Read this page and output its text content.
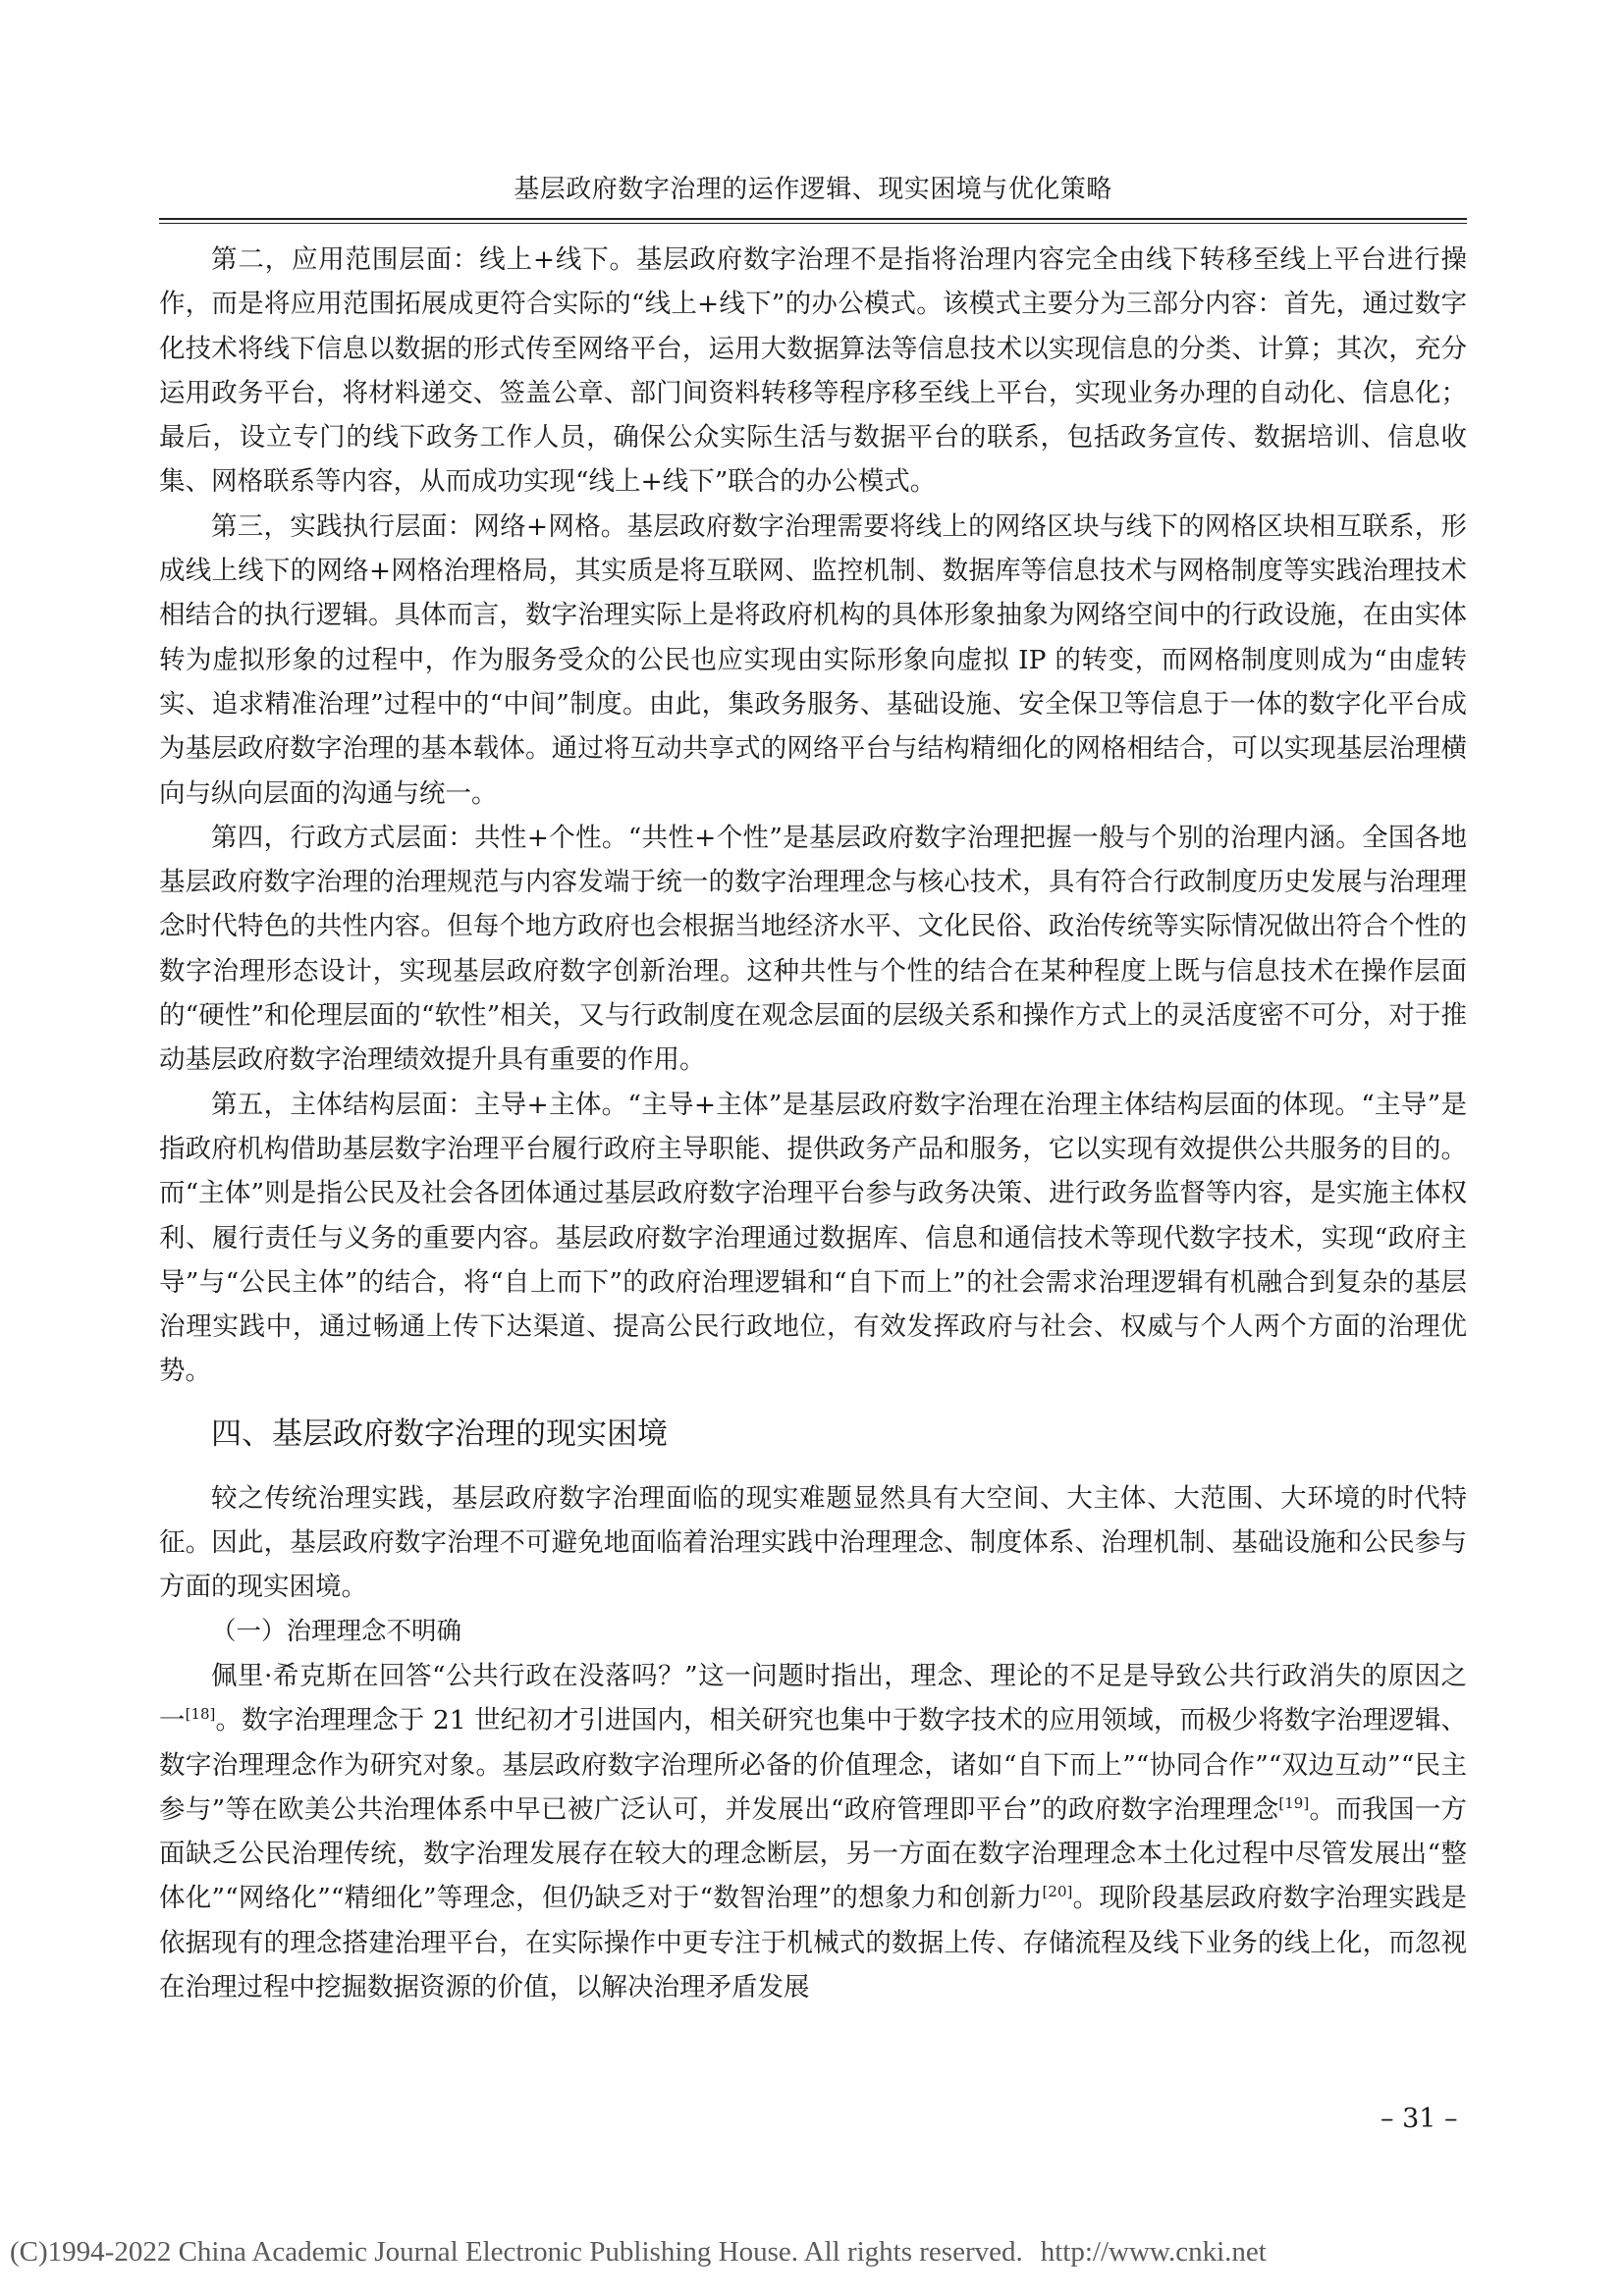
基层政府数字治理的运作逻辑、现实困境与优化策略

第二，应用范围层面：线上+线下。基层政府数字治理不是指将治理内容完全由线下转移至线上平台进行操作，而是将应用范围拓展成更符合实际的“线上+线下”的办公模式。该模式主要分为三部分内容：首先，通过数字化技术将线下信息以数据的形式传至网络平台，运用大数据算法等信息技术以实现信息的分类、计算；其次，充分运用政务平台，将材料递交、签盖公章、部门间资料转移等程序移至线上平台，实现业务办理的自动化、信息化；最后，设立专门的线下政务工作人员，确保公众实际生活与数据平台的联系，包括政务宣传、数据培训、信息收集、网格联系等内容，从而成功实现“线上+线下”联合的办公模式。

第三，实践执行层面：网络+网格。基层政府数字治理需要将线上的网络区块与线下的网格区块相互联系，形成线上线下的网络+网格治理格局，其实质是将互联网、监控机制、数据库等信息技术与网格制度等实践治理技术相结合的执行逻辑。具体而言，数字治理实际上是将政府机构的具体形象抽象为网络空间中的行政设施，在由实体转为虚拟形象的过程中，作为服务受众的公民也应实现由实际形象向虚拟 IP 的转变，而网格制度则成为“由虚转实、追求精准治理”过程中的“中间”制度。由此，集政务服务、基础设施、安全保卫等信息于一体的数字化平台成为基层政府数字治理的基本载体。通过将互动共享式的网络平台与结构精细化的网格相结合，可以实现基层治理横向与纵向层面的沟通与统一。

第四，行政方式层面：共性+个性。“共性+个性”是基层政府数字治理把握一般与个别的治理内涵。全国各地基层政府数字治理的治理规范与内容发端于统一的数字治理理念与核心技术，具有符合行政制度历史发展与治理理念时代特色的共性内容。但每个地方政府也会根据当地经济水平、文化民俗、政治传统等实际情况做出符合个性的数字治理形态设计，实现基层政府数字创新治理。这种共性与个性的结合在某种程度上既与信息技术在操作层面的“硬性”和伦理层面的“软性”相关，又与行政制度在观念层面的层级关系和操作方式上的灵活度密不可分，对于推动基层政府数字治理绩效提升具有重要的作用。

第五，主体结构层面：主导+主体。“主导+主体”是基层政府数字治理在治理主体结构层面的体现。“主导”是指政府机构借助基层数字治理平台履行政府主导职能、提供政务产品和服务，它以实现有效提供公共服务的目的。而“主体”则是指公民及社会各团体通过基层政府数字治理平台参与政务决策、进行政务监督等内容，是实施主体权利、履行责任与义务的重要内容。基层政府数字治理通过数据库、信息和通信技术等现代数字技术，实现“政府主导”与“公民主体”的结合，将“自上而下”的政府治理逻辑和“自下而上”的社会需求治理逻辑有机融合到复杂的基层治理实践中，通过畅通上传下达渠道、提高公民行政地位，有效发挥政府与社会、权威与个人两个方面的治理优势。

四、基层政府数字治理的现实困境

较之传统治理实践，基层政府数字治理面临的现实难题显然具有大空间、大主体、大范围、大环境的时代特征。因此，基层政府数字治理不可避免地面临着治理实践中治理理念、制度体系、治理机制、基础设施和公民参与方面的现实困境。

（一）治理理念不明确

佩里·希克斯在回答“公共行政在没落吗？”这一问题时指出，理念、理论的不足是导致公共行政消失的原因之一[18]。数字治理理念于 21 世纪初才引进国内，相关研究也集中于数字技术的应用领域，而极少将数字治理逻辑、数字治理理念作为研究对象。基层政府数字治理所必备的价值理念，诸如“自下而上”“协同合作”“双边互动”“民主参与”等在欧美公共治理体系中早已被广泛认可，并发展出“政府管理即平台”的政府数字治理理念[19]。而我国一方面缺乏公民治理传统，数字治理发展存在较大的理念断层，另一方面在数字治理理念本土化过程中尽管发展出“整体化”“网络化”“精细化”等理念，但仍缺乏对于“数智治理”的想象力和创新力[20]。现阶段基层政府数字治理实践是依据现有的理念搭建治理平台，在实际操作中更专注于机械式的数据上传、存储流程及线下业务的线上化，而忽视在治理过程中挖掘数据资源的价值，以解决治理矛盾发展

– 31 –
(C)1994-2022 China Academic Journal Electronic Publishing House. All rights reserved. http://www.cnki.net
